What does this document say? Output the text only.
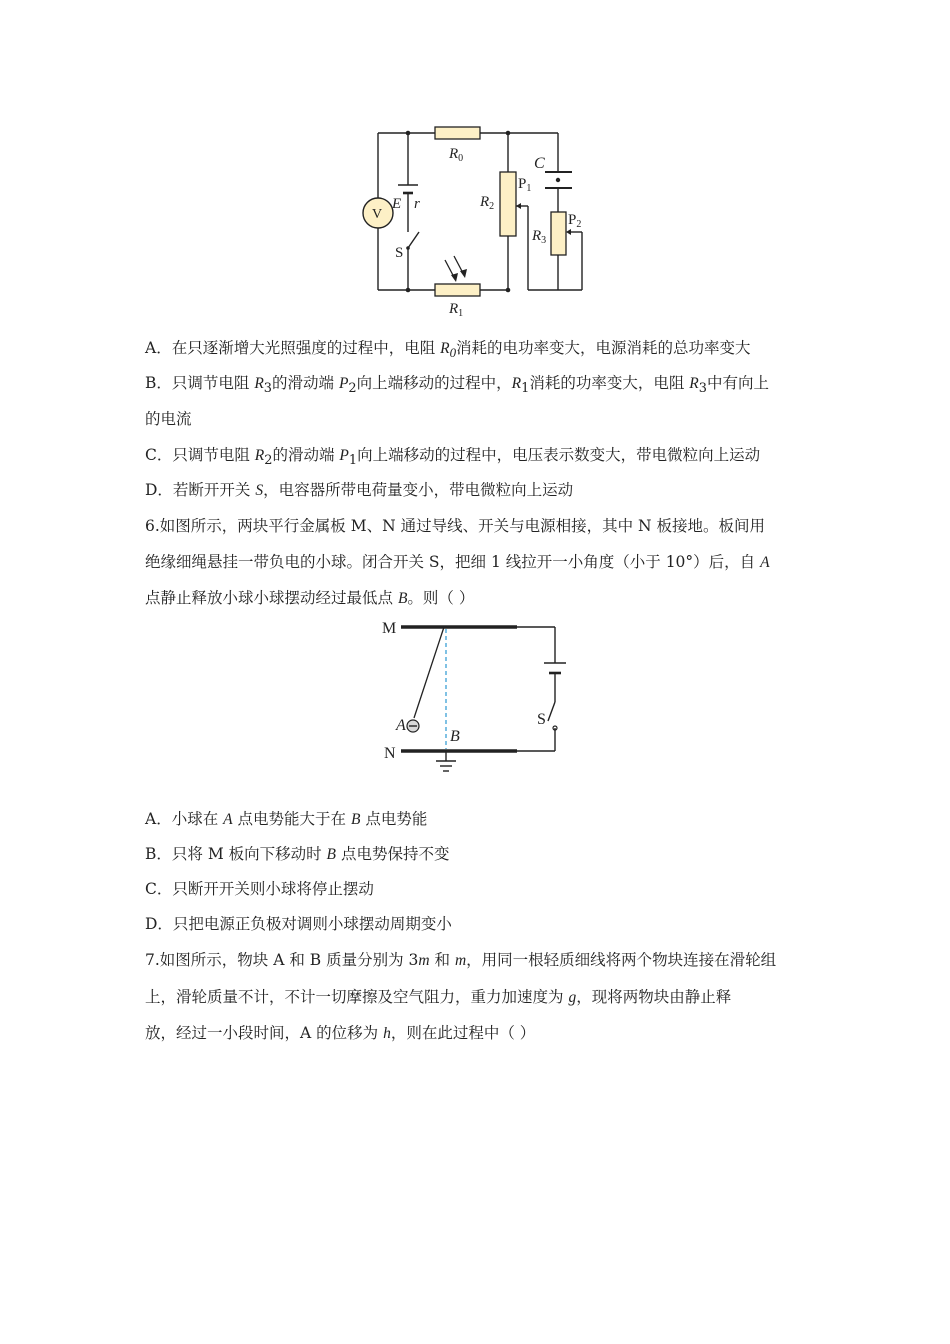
$R_0$
$R_1$
$R_2$
$R_3$
$P_1$
$P_2$
C
E r
S
V
A．在只逐渐增大光照强度的过程中，电阻 $R_0$消耗的电功率变大，电源消耗的总功率变大
B．只调节电阻 $R_3$的滑动端 $P_2$向上端移动的过程中，$R_1$消耗的功率变大，电阻 $R_3$中有向上
的电流
C．只调节电阻 $R_2$的滑动端 $P_1$向上端移动的过程中，电压表示数变大，带电微粒向上运动
D．若断开开关 S，电容器所带电荷量变小，带电微粒向上运动
6.如图所示，两块平行金属板 M、N 通过导线、开关与电源相接，其中 N 板接地。板间用
绝缘细绳悬挂一带负电的小球。闭合开关 S，把细 1 线拉开一小角度（小于 10°）后，自 A
点静止释放小球小球摆动经过最低点 B。则（ ）
M
N
A
B
S
A．小球在 A 点电势能大于在 B 点电势能
B．只将 M 板向下移动时 B 点电势保持不变
C．只断开开关则小球将停止摆动
D．只把电源正负极对调则小球摆动周期变小
7.如图所示，物块 A 和 B 质量分别为 3m 和 m，用同一根轻质细线将两个物块连接在滑轮组
上，滑轮质量不计，不计一切摩擦及空气阻力，重力加速度为 g，现将两物块由静止释
放，经过一小段时间，A 的位移为 h，则在此过程中（ ）
